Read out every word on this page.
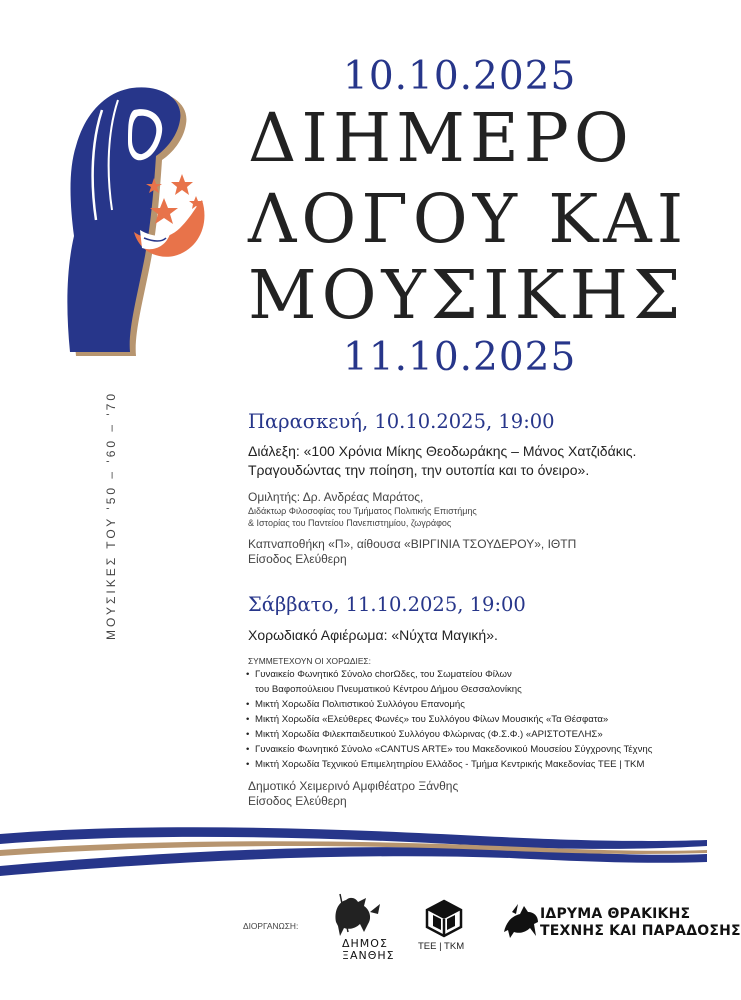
10.10.2025
ΔΙΗΜΕΡΟ
ΛΟΓΟΥ ΚΑΙ
ΜΟΥΣΙΚΗΣ
11.10.2025
ΜΟΥΣΙΚΕΣ ΤΟΥ '50 – '60 – '70	Παρασκευή, 10.10.2025, 19:00
Διάλεξη: «100 Χρόνια Μίκης Θεοδωράκης – Μάνος Χατζιδάκις.
Τραγουδώντας την ποίηση, την ουτοπία και το όνειρο».
Ομιλητής: Δρ. Ανδρέας Μαράτος,
Διδάκτωρ Φιλοσοφίας του Τμήματος Πολιτικής Επιστήμης
& Ιστορίας του Παντείου Πανεπιστημίου, ζωγράφος
Καπναποθήκη «Π», αίθουσα «ΒΙΡΓΙΝΙΑ ΤΣΟΥΔΕΡΟΥ», ΙΘΤΠ
Είσοδος Ελεύθερη
Σάββατο, 11.10.2025, 19:00
Χορωδιακό Αφιέρωμα: «Νύχτα Μαγική».
ΣΥΜΜΕΤΕΧΟΥΝ ΟΙ ΧΟΡΩΔΙΕΣ:
• Γυναικείο Φωνητικό Σύνολο chorΩδες, του Σωματείου Φίλων
του Βαφοπούλειου Πνευματικού Κέντρου Δήμου Θεσσαλονίκης
• Μικτή Χορωδία Πολιτιστικού Συλλόγου Επανομής
• Μικτή Χορωδία «Ελεύθερες Φωνές» του Συλλόγου Φίλων Μουσικής «Τα Θέσφατα»
• Μικτή Χορωδία Φιλεκπαιδευτικού Συλλόγου Φλώρινας (Φ.Σ.Φ.) «ΑΡΙΣΤΟΤΕΛΗΣ»
• Γυναικείο Φωνητικό Σύνολο «CANTUS ARTE» του Μακεδονικού Μουσείου Σύγχρονης Τέχνης
• Μικτή Χορωδία Τεχνικού Επιμελητηρίου Ελλάδος - Τμήμα Κεντρικής Μακεδονίας ΤΕΕ | ΤΚΜ
Δημοτικό Χειμερινό Αμφιθέατρο Ξάνθης
Είσοδος Ελεύθερη
ΔΙΟΡΓΑΝΩΣΗ:
ΔΗΜΟΣ
ΞΑΝΘΗΣ
ΤΕΕ | ΤΚΜ
ΙΔΡΥΜΑ ΘΡΑΚΙΚΗΣ
ΤΕΧΝΗΣ ΚΑΙ ΠΑΡΑΔΟΣΗΣ
